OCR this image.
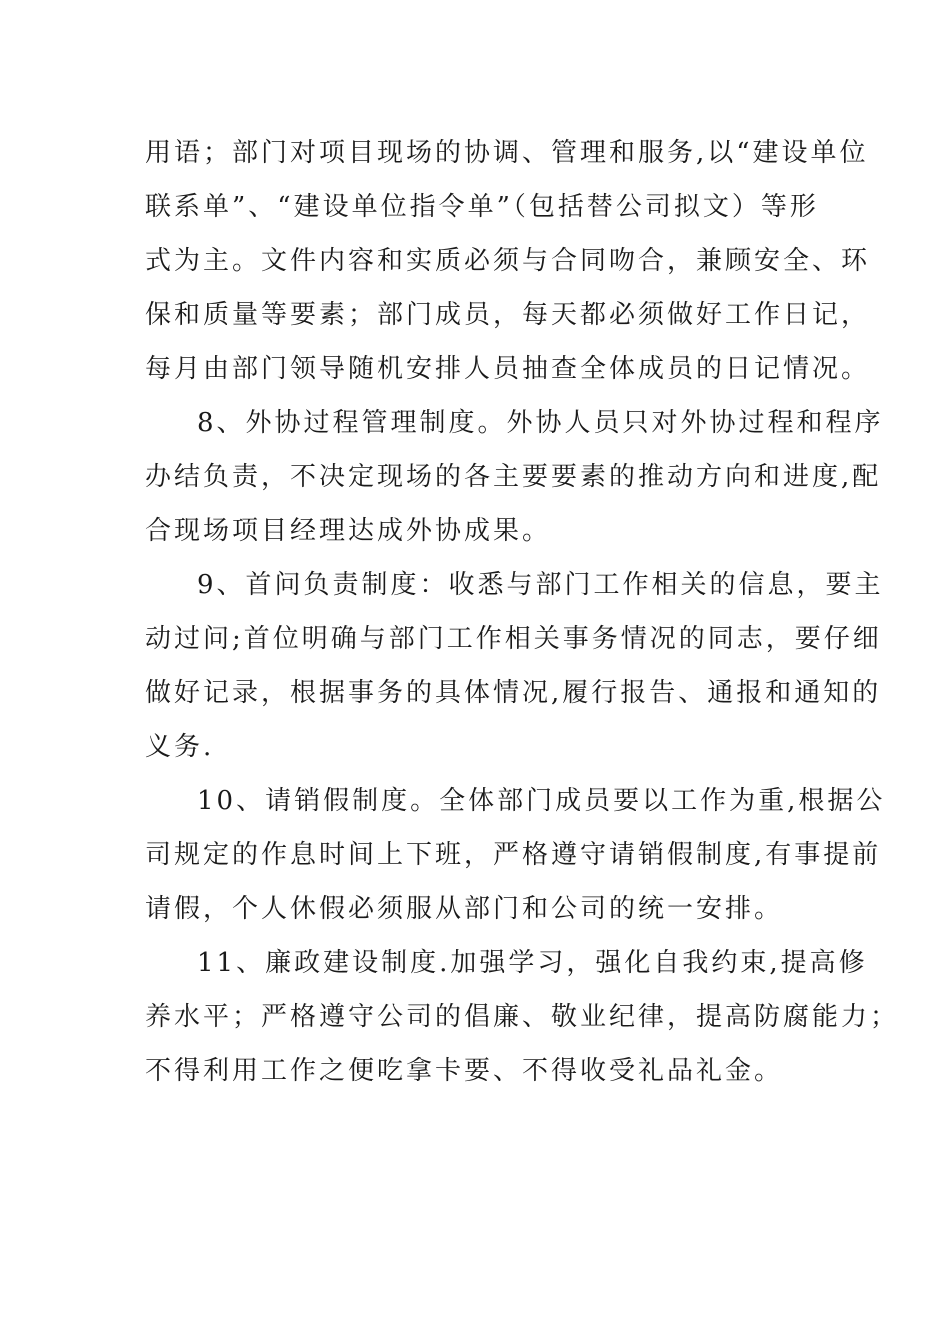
用语；部门对项目现场的协调、管理和服务,以“建设单位
联系单”、“建设单位指令单”（包括替公司拟文）等形
式为主。文件内容和实质必须与合同吻合，兼顾安全、环
保和质量等要素；部门成员，每天都必须做好工作日记，
每月由部门领导随机安排人员抽查全体成员的日记情况。
8、外协过程管理制度。外协人员只对外协过程和程序
办结负责，不决定现场的各主要要素的推动方向和进度,配
合现场项目经理达成外协成果。
9、首问负责制度：收悉与部门工作相关的信息，要主
动过问;首位明确与部门工作相关事务情况的同志，要仔细
做好记录，根据事务的具体情况,履行报告、通报和通知的
义务.
10、请销假制度。全体部门成员要以工作为重,根据公
司规定的作息时间上下班，严格遵守请销假制度,有事提前
请假，个人休假必须服从部门和公司的统一安排。
11、廉政建设制度.加强学习，强化自我约束,提高修
养水平；严格遵守公司的倡廉、敬业纪律，提高防腐能力；
不得利用工作之便吃拿卡要、不得收受礼品礼金。
